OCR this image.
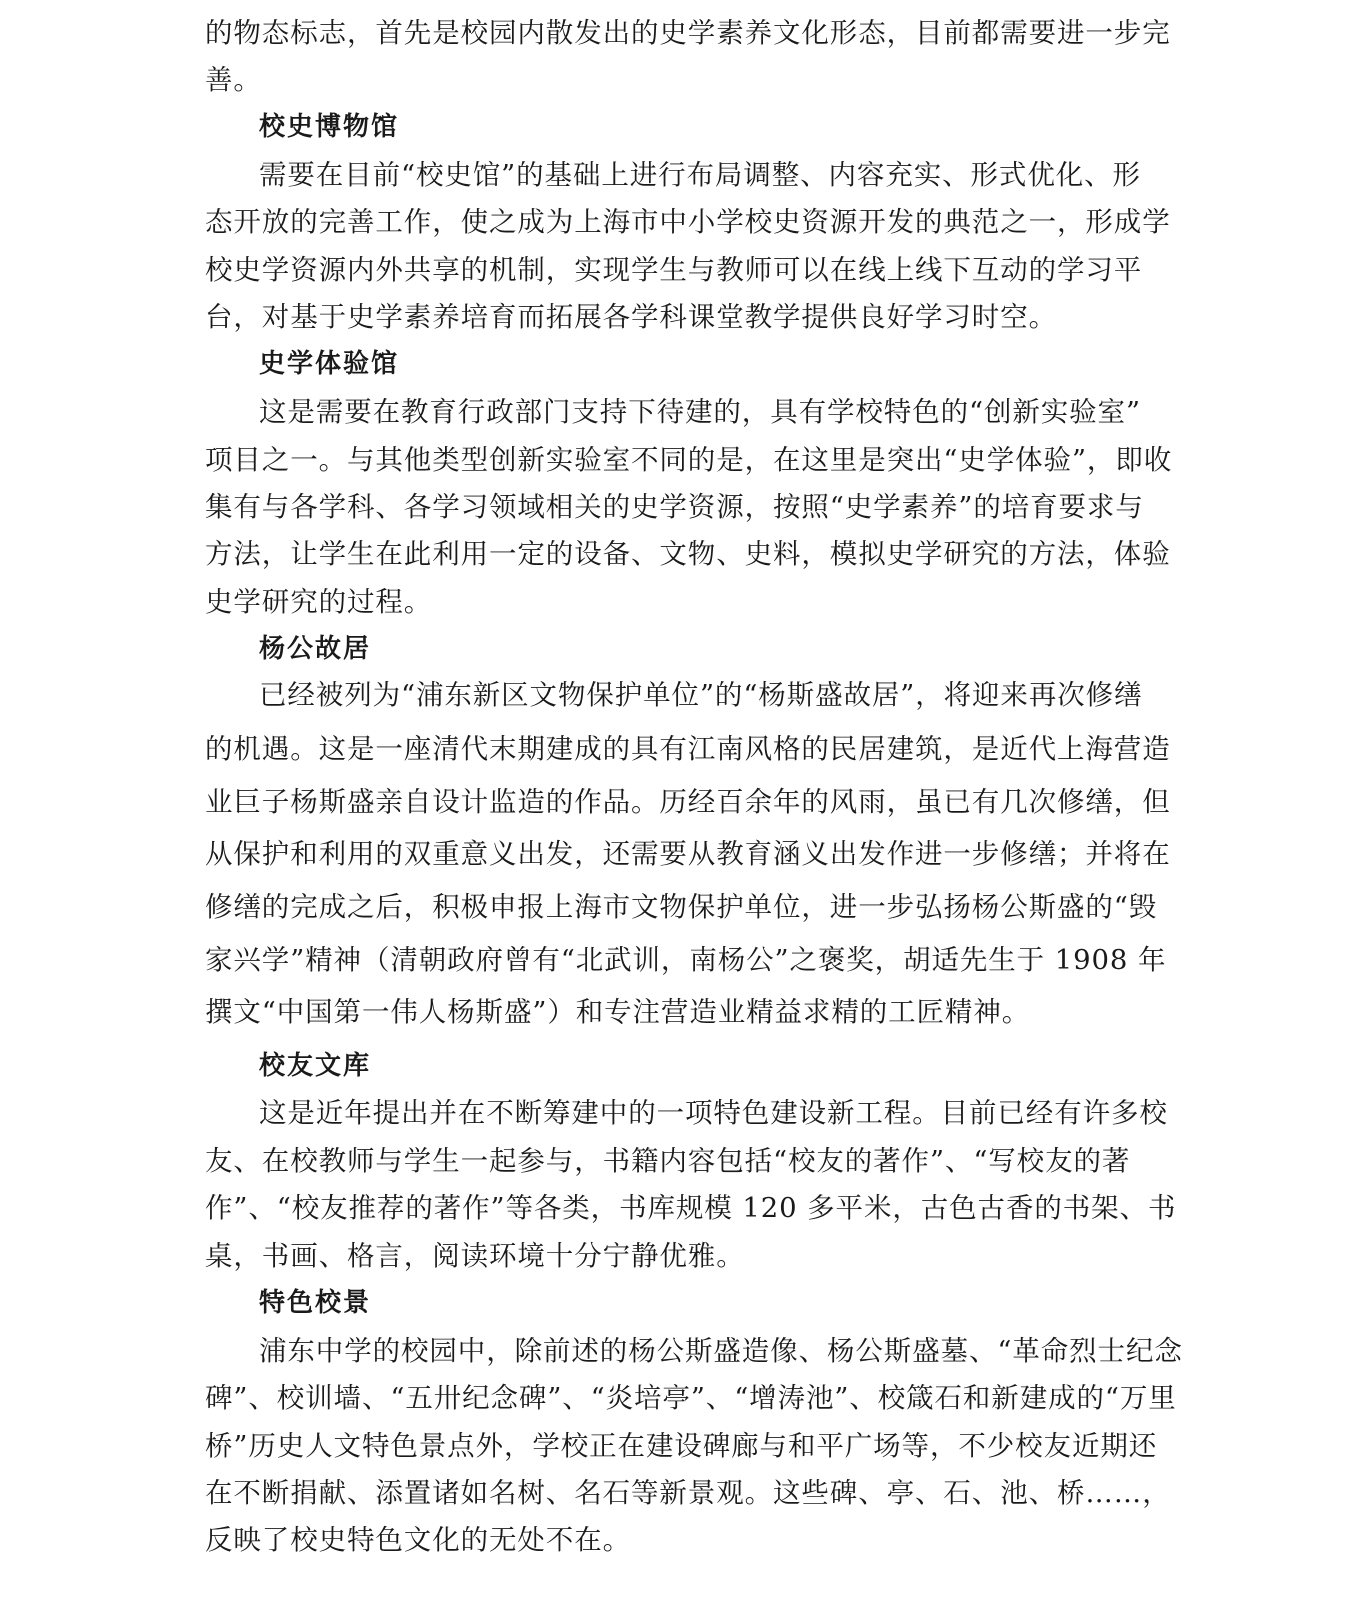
的物态标志，首先是校园内散发出的史学素养文化形态，目前都需要进一步完
善。
校史博物馆
需要在目前“校史馆”的基础上进行布局调整、内容充实、形式优化、形
态开放的完善工作，使之成为上海市中小学校史资源开发的典范之一，形成学
校史学资源内外共享的机制，实现学生与教师可以在线上线下互动的学习平
台，对基于史学素养培育而拓展各学科课堂教学提供良好学习时空。
史学体验馆
这是需要在教育行政部门支持下待建的，具有学校特色的“创新实验室”
项目之一。与其他类型创新实验室不同的是，在这里是突出“史学体验”，即收
集有与各学科、各学习领域相关的史学资源，按照“史学素养”的培育要求与
方法，让学生在此利用一定的设备、文物、史料，模拟史学研究的方法，体验
史学研究的过程。
杨公故居
已经被列为“浦东新区文物保护单位”的“杨斯盛故居”，将迎来再次修缮
的机遇。这是一座清代末期建成的具有江南风格的民居建筑，是近代上海营造
业巨子杨斯盛亲自设计监造的作品。历经百余年的风雨，虽已有几次修缮，但
从保护和利用的双重意义出发，还需要从教育涵义出发作进一步修缮；并将在
修缮的完成之后，积极申报上海市文物保护单位，进一步弘扬杨公斯盛的“毁
家兴学”精神（清朝政府曾有“北武训，南杨公”之褒奖，胡适先生于 1908 年
撰文“中国第一伟人杨斯盛”）和专注营造业精益求精的工匠精神。
校友文库
这是近年提出并在不断筹建中的一项特色建设新工程。目前已经有许多校
友、在校教师与学生一起参与，书籍内容包括“校友的著作”、“写校友的著
作”、“校友推荐的著作”等各类，书库规模 120 多平米，古色古香的书架、书
桌，书画、格言，阅读环境十分宁静优雅。
特色校景
浦东中学的校园中，除前述的杨公斯盛造像、杨公斯盛墓、“革命烈士纪念
碑”、校训墙、“五卅纪念碑”、“炎培亭”、“增涛池”、校箴石和新建成的“万里
桥”历史人文特色景点外，学校正在建设碑廊与和平广场等，不少校友近期还
在不断捐献、添置诸如名树、名石等新景观。这些碑、亭、石、池、桥……，
反映了校史特色文化的无处不在。
